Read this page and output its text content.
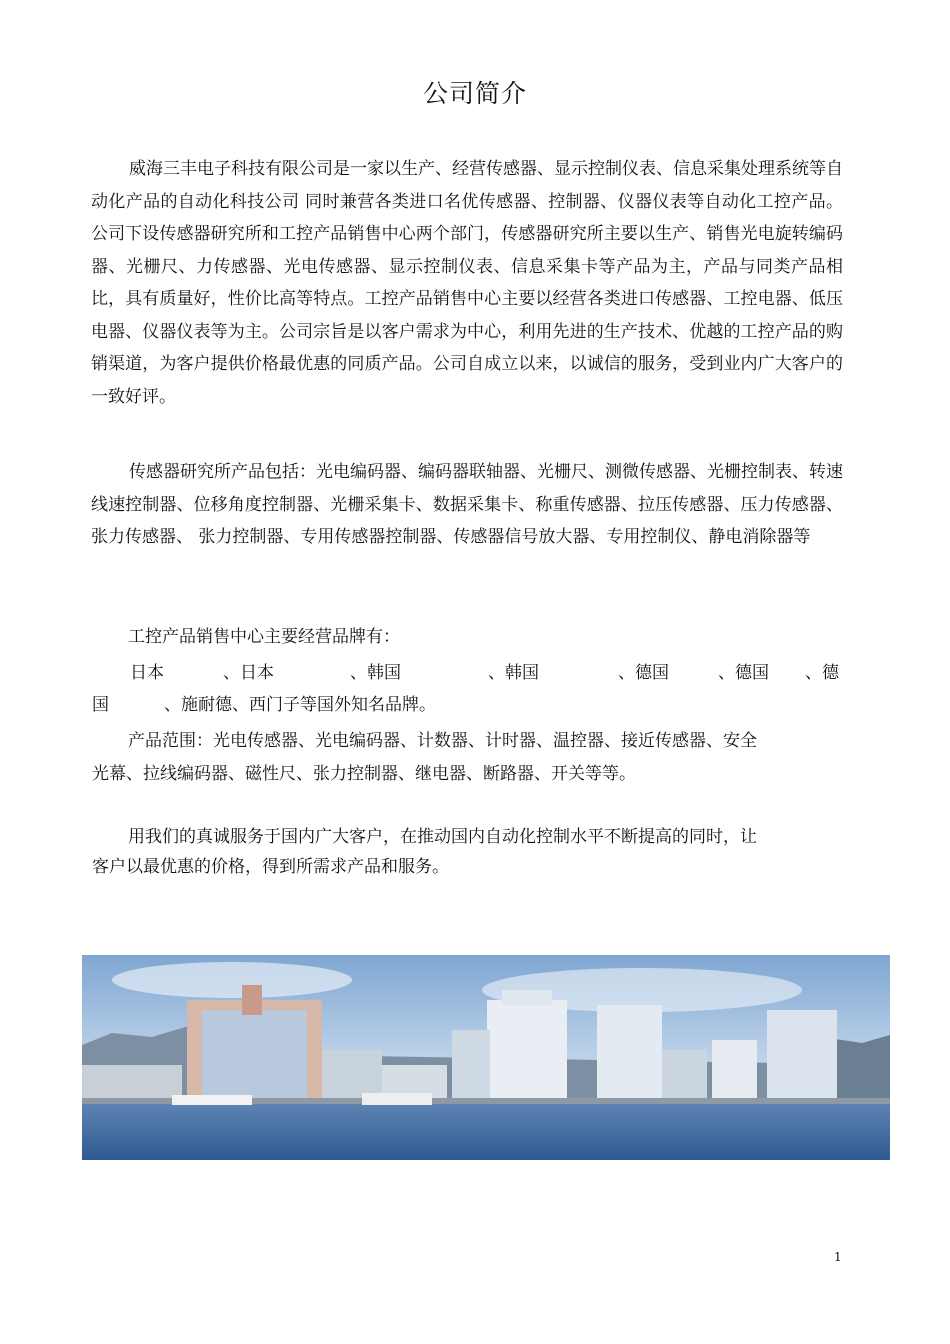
公司简介

威海三丰电子科技有限公司是一家以生产、经营传感器、显示控制仪表、信息采集处理系统等自动化产品的自动化科技公司 同时兼营各类进口名优传感器、控制器、仪器仪表等自动化工控产品。公司下设传感器研究所和工控产品销售中心两个部门，传感器研究所主要以生产、销售光电旋转编码器、光栅尺、力传感器、光电传感器、显示控制仪表、信息采集卡等产品为主，产品与同类产品相比，具有质量好，性价比高等特点。工控产品销售中心主要以经营各类进口传感器、工控电器、低压电器、仪器仪表等为主。公司宗旨是以客户需求为中心，利用先进的生产技术、优越的工控产品的购销渠道，为客户提供价格最优惠的同质产品。公司自成立以来，以诚信的服务，受到业内广大客户的一致好评。

传感器研究所产品包括：光电编码器、编码器联轴器、光栅尺、测微传感器、光栅控制表、转速线速控制器、位移角度控制器、光栅采集卡、数据采集卡、称重传感器、拉压传感器、压力传感器、张力传感器、 张力控制器、专用传感器控制器、传感器信号放大器、专用控制仪、静电消除器等

工控产品销售中心主要经营品牌有：
日本	、日本	、韩国	、韩国	、德国	、德国 、德
国	、施耐德、西门子等国外知名品牌。
产品范围：光电传感器、光电编码器、计数器、计时器、温控器、接近传感器、安全
光幕、拉线编码器、磁性尺、张力控制器、继电器、断路器、开关等等。
用我们的真诚服务于国内广大客户，在推动国内自动化控制水平不断提高的同时，让
客户以最优惠的价格，得到所需求产品和服务。
1
